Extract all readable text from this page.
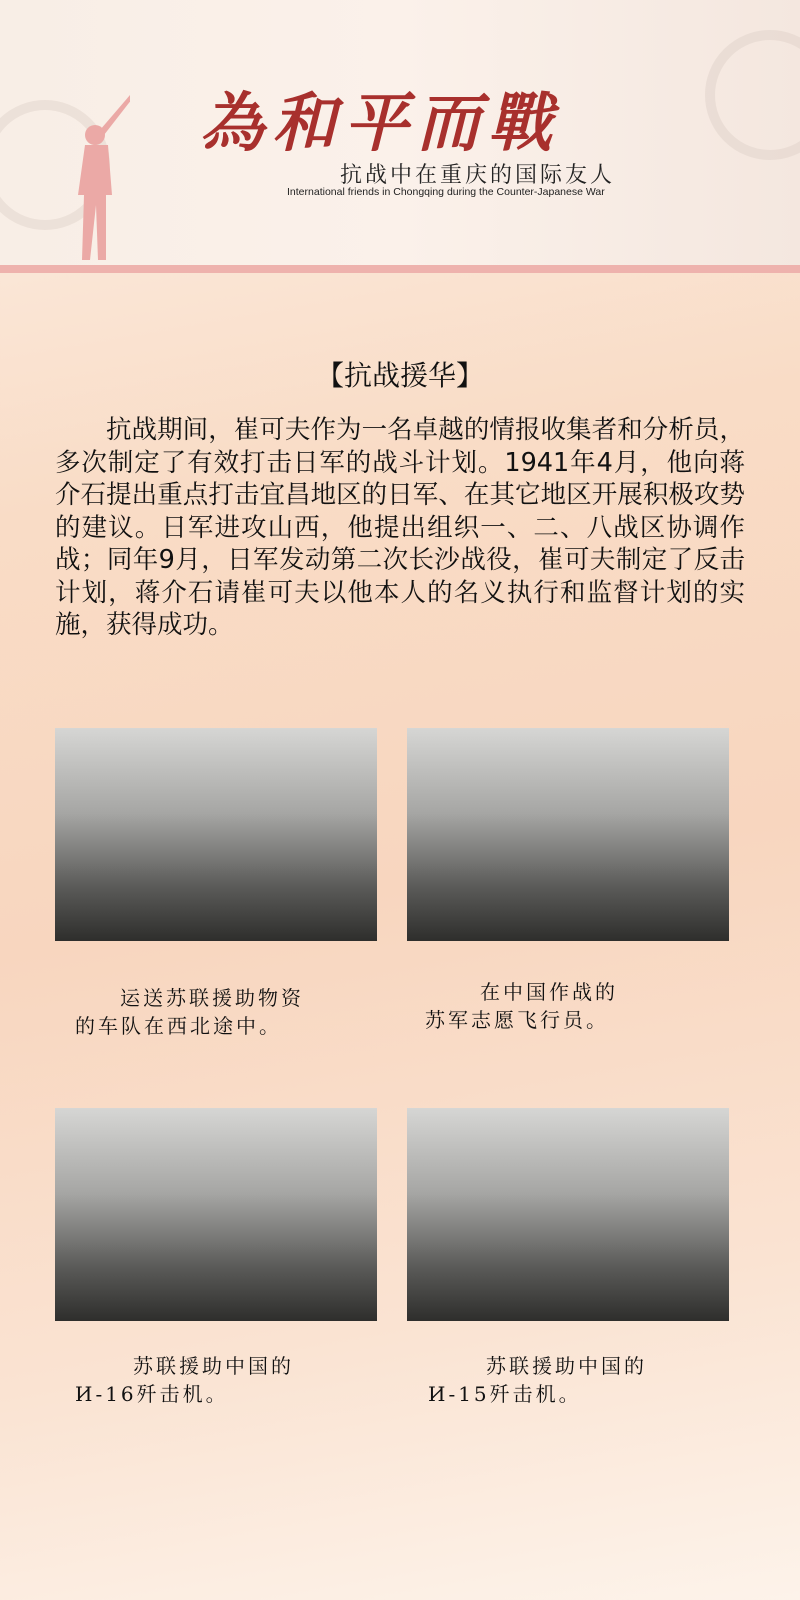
為和平而戰
抗战中在重庆的国际友人
International friends in Chongqing during the Counter-Japanese War
【抗战援华】

抗战期间，崔可夫作为一名卓越的情报收集者和分析员，多次制定了有效打击日军的战斗计划。1941年4月，他向蒋介石提出重点打击宜昌地区的日军、在其它地区开展积极攻势的建议。日军进攻山西，他提出组织一、二、八战区协调作战；同年9月，日军发动第二次长沙战役，崔可夫制定了反击计划，蒋介石请崔可夫以他本人的名义执行和监督计划的实施，获得成功。

运送苏联援助物资
的车队在西北途中。
在中国作战的
苏军志愿飞行员。
苏联援助中国的
И-16歼击机。
苏联援助中国的
И-15歼击机。
